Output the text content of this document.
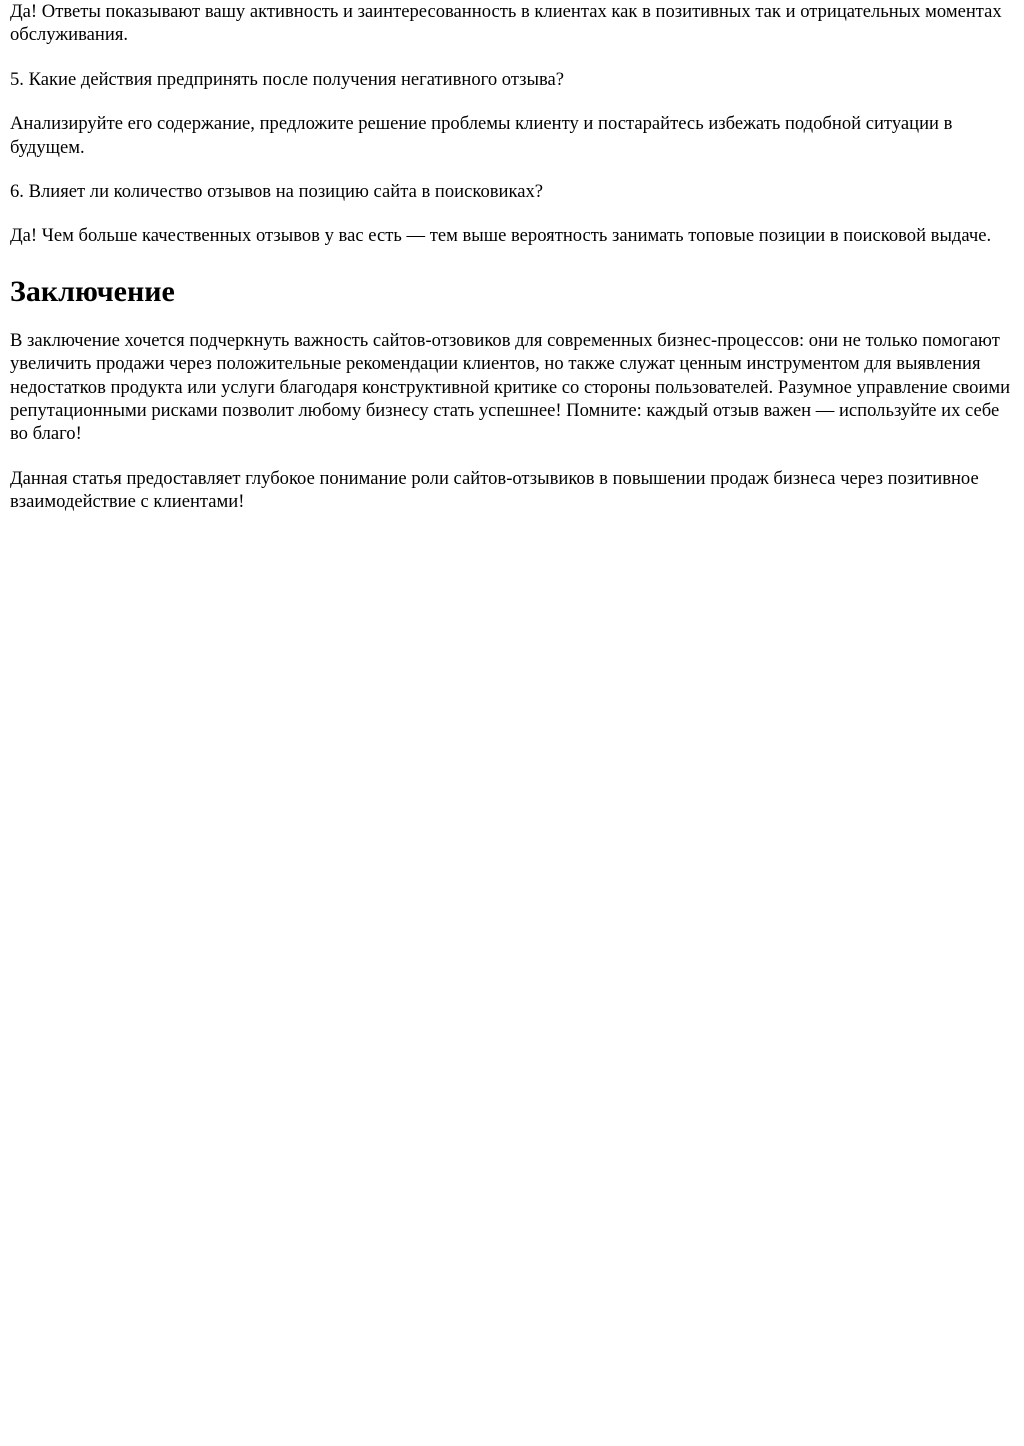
Да! Ответы показывают вашу активность и заинтересованность в клиентах как в позитивных так и отрицательных моментах обслуживания.

5. Какие действия предпринять после получения негативного отзыва?

Анализируйте его содержание, предложите решение проблемы клиенту и постарайтесь избежать подобной ситуации в будущем.

6. Влияет ли количество отзывов на позицию сайта в поисковиках?

Да! Чем больше качественных отзывов у вас есть — тем выше вероятность занимать топовые позиции в поисковой выдаче.

Заключение

В заключение хочется подчеркнуть важность сайтов-отзовиков для современных бизнес-процессов: они не только помогают увеличить продажи через положительные рекомендации клиентов, но также служат ценным инструментом для выявления недостатков продукта или услуги благодаря конструктивной критике со стороны пользователей. Разумное управление своими репутационными рисками позволит любому бизнесу стать успешнее! Помните: каждый отзыв важен — используйте их себе во благо!

Данная статья предоставляет глубокое понимание роли сайтов-отзывиков в повышении продаж бизнеса через позитивное взаимодействие с клиентами!
